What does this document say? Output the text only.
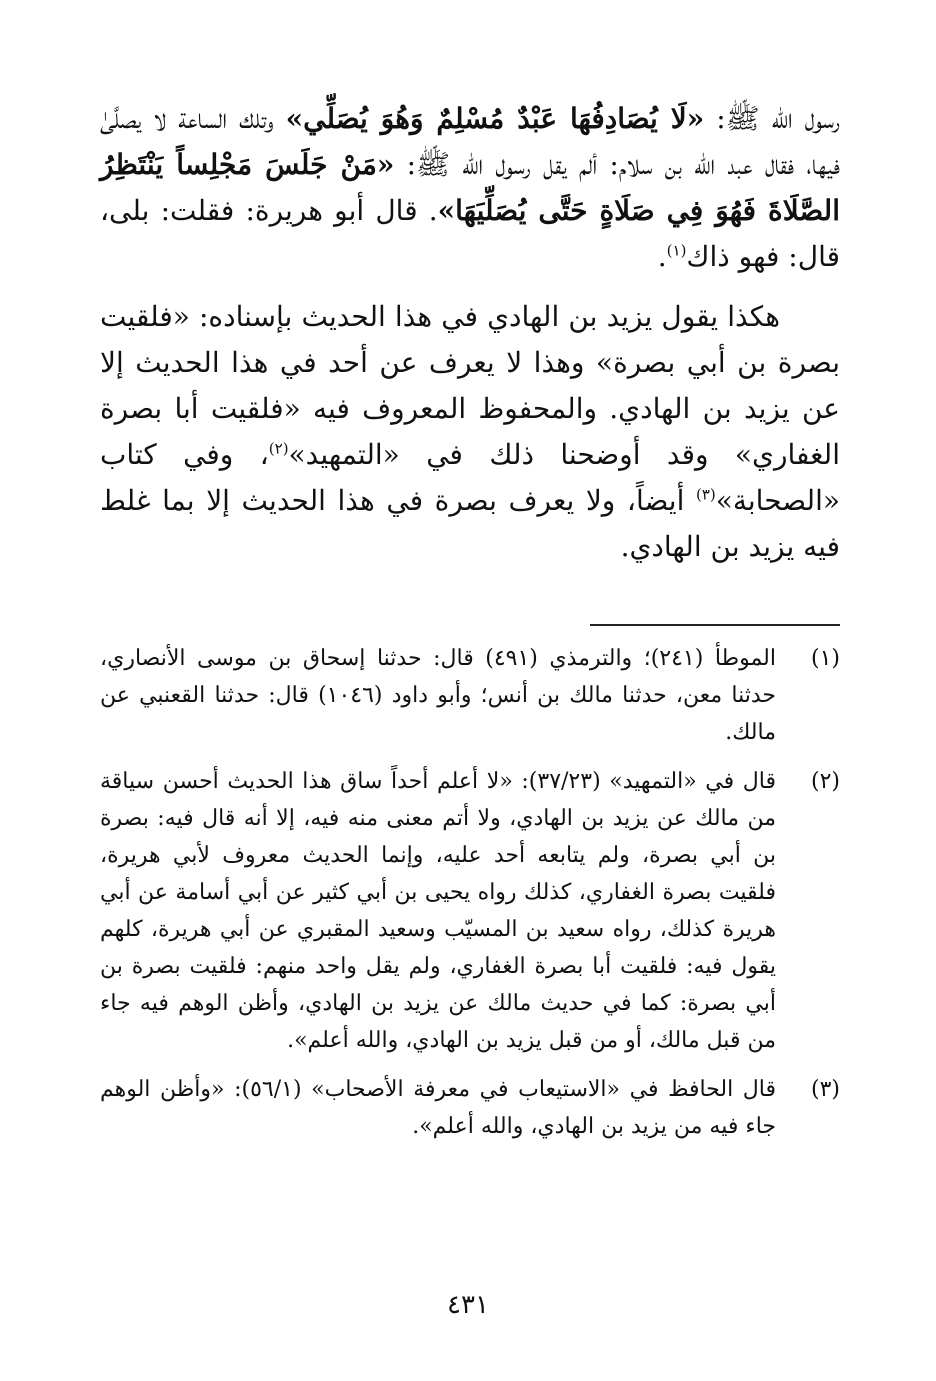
رسول الله ﷺ: «لَا يُصَادِفُهَا عَبْدٌ مُسْلِمٌ وَهُوَ يُصَلِّي» وتلك الساعة لا يصلَّىٰ فيها، فقال عبد الله بن سلام: ألم يقل رسول الله ﷺ: «مَنْ جَلَسَ مَجْلِساً يَنْتَظِرُ الصَّلَاةَ فَهُوَ فِي صَلَاةٍ حَتَّى يُصَلِّيَهَا». قال أبو هريرة: فقلت: بلى، قال: فهو ذاك$^{(١)}$.

هكذا يقول يزيد بن الهادي في هذا الحديث بإسناده: «فلقيت بصرة بن أبي بصرة» وهذا لا يعرف عن أحد في هذا الحديث إلا عن يزيد بن الهادي. والمحفوظ المعروف فيه «فلقيت أبا بصرة الغفاري» وقد أوضحنا ذلك في «التمهيد»$^{(٢)}$، وفي كتاب «الصحابة»$^{(٣)}$ أيضاً، ولا يعرف بصرة في هذا الحديث إلا بما غلط فيه يزيد بن الهادي.

(١)

الموطأ (٢٤١)؛ والترمذي (٤٩١) قال: حدثنا إسحاق بن موسى الأنصاري، حدثنا معن، حدثنا مالك بن أنس؛ وأبو داود (١٠٤٦) قال: حدثنا القعنبي عن مالك.

(٢)

قال في «التمهيد» (٣٧/٢٣): «لا أعلم أحداً ساق هذا الحديث أحسن سياقة من مالك عن يزيد بن الهادي، ولا أتم معنى منه فيه، إلا أنه قال فيه: بصرة بن أبي بصرة، ولم يتابعه أحد عليه، وإنما الحديث معروف لأبي هريرة، فلقيت بصرة الغفاري، كذلك رواه يحيى بن أبي كثير عن أبي أسامة عن أبي هريرة كذلك، رواه سعيد بن المسيّب وسعيد المقبري عن أبي هريرة، كلهم يقول فيه: فلقيت أبا بصرة الغفاري، ولم يقل واحد منهم: فلقيت بصرة بن أبي بصرة: كما في حديث مالك عن يزيد بن الهادي، وأظن الوهم فيه جاء من قبل مالك، أو من قبل يزيد بن الهادي، والله أعلم».

(٣)

قال الحافظ في «الاستيعاب في معرفة الأصحاب» (٥٦/١): «وأظن الوهم جاء فيه من يزيد بن الهادي، والله أعلم».

٤٣١
